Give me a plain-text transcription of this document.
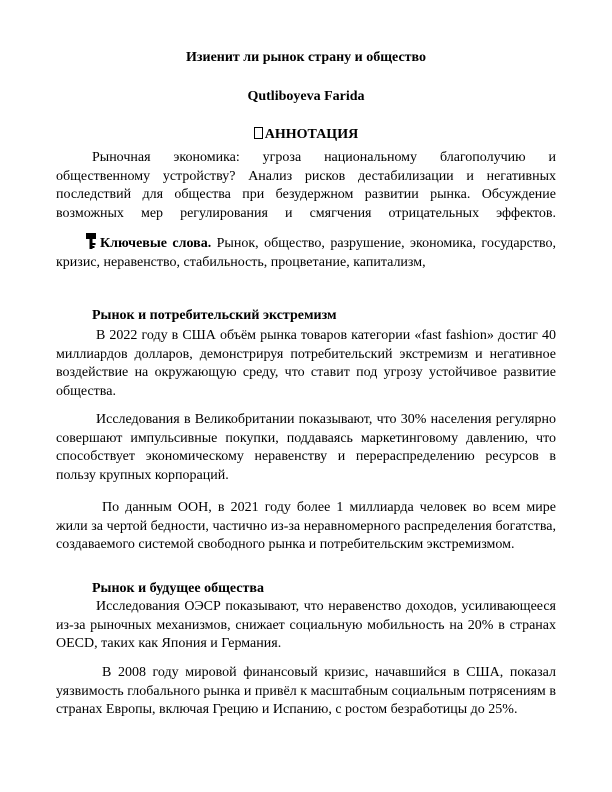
Изиенит ли рынок страну и общество
Qutliboyeva Farida
АННОТАЦИЯ
Рыночная экономика: угроза национальному благополучию и общественному устройству? Анализ рисков дестабилизации и негативных последствий для общества при безудержном развитии рынка. Обсуждение возможных мер регулирования и смягчения отрицательных эффектов.
Ключевые слова. Рынок, общество, разрушение, экономика, государство, кризис, неравенство, стабильность, процветание, капитализм,
Рынок и потребительский экстремизм
В 2022 году в США объём рынка товаров категории «fast fashion» достиг 40 миллиардов долларов, демонстрируя потребительский экстремизм и негативное воздействие на окружающую среду, что ставит под угрозу устойчивое развитие общества.
Исследования в Великобритании показывают, что 30% населения регулярно совершают импульсивные покупки, поддаваясь маркетинговому давлению, что способствует экономическому неравенству и перераспределению ресурсов в пользу крупных корпораций.
По данным ООН, в 2021 году более 1 миллиарда человек во всем мире жили за чертой бедности, частично из-за неравномерного распределения богатства, создаваемого системой свободного рынка и потребительским экстремизмом.
Рынок и будущее общества
Исследования ОЭСР показывают, что неравенство доходов, усиливающееся из-за рыночных механизмов, снижает социальную мобильность на 20% в странах OECD, таких как Япония и Германия.
В 2008 году мировой финансовый кризис, начавшийся в США, показал уязвимость глобального рынка и привёл к масштабным социальным потрясениям в странах Европы, включая Грецию и Испанию, с ростом безработицы до 25%.
